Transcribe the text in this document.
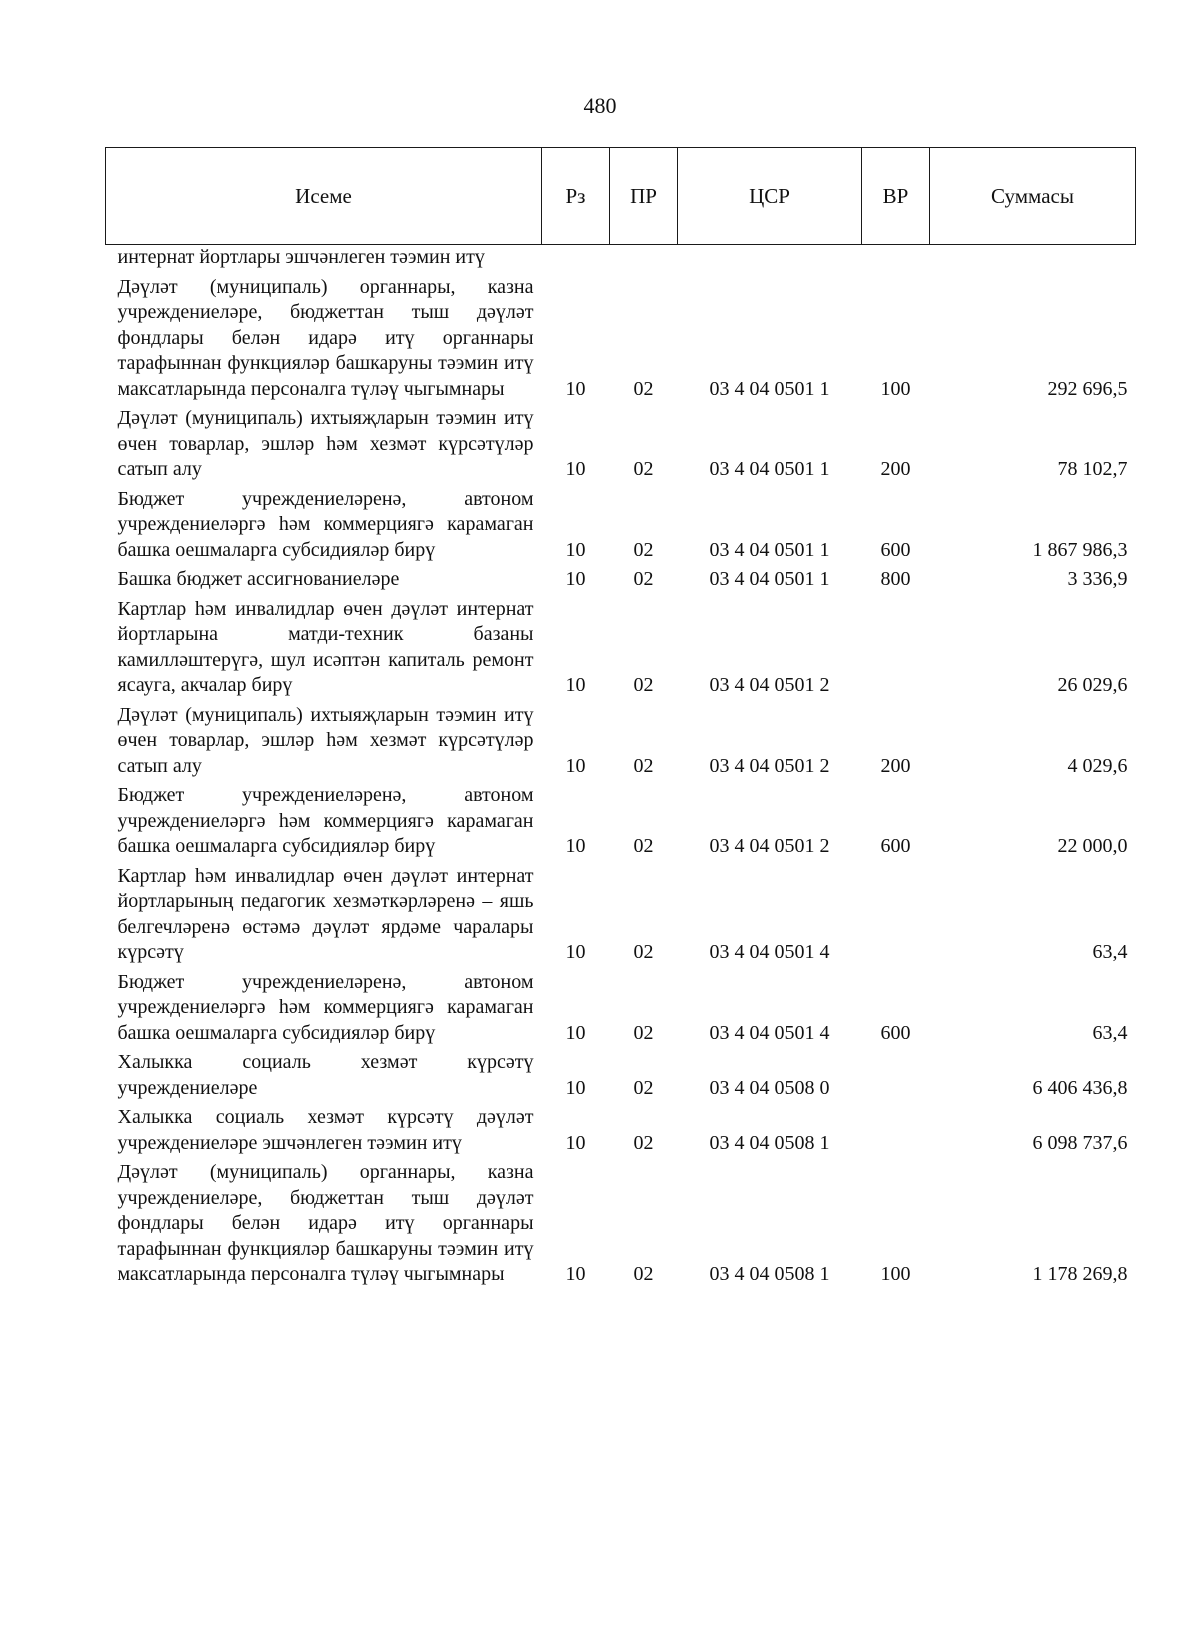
480
Исеме	Рз	ПР	ЦСР	ВР	Суммасы
интернат йортлары эшчәнлеген тәэмин итү					
Дәүләт (муниципаль) органнары, казна учреждениеләре, бюджеттан тыш дәүләт фондлары белән идарә итү органнары тарафыннан функцияләр башкаруны тәэмин итү максатларында персоналга түләү чыгымнары	10	02	03 4 04 0501 1	100	292 696,5
Дәүләт (муниципаль) ихтыяҗларын тәэмин итү өчен товарлар, эшләр һәм хезмәт күрсәтүләр сатып алу	10	02	03 4 04 0501 1	200	78 102,7
Бюджет учреждениеләренә, автоном учреждениеләргә һәм коммерциягә карамаган башка оешмаларга субсидияләр бирү	10	02	03 4 04 0501 1	600	1 867 986,3
Башка бюджет ассигнованиеләре	10	02	03 4 04 0501 1	800	3 336,9
Картлар һәм инвалидлар өчен дәүләт интернат йортларына матди-техник базаны камилләштерүгә, шул исәптән капиталь ремонт ясауга, акчалар бирү	10	02	03 4 04 0501 2		26 029,6
Дәүләт (муниципаль) ихтыяҗларын тәэмин итү өчен товарлар, эшләр һәм хезмәт күрсәтүләр сатып алу	10	02	03 4 04 0501 2	200	4 029,6
Бюджет учреждениеләренә, автоном учреждениеләргә һәм коммерциягә карамаган башка оешмаларга субсидияләр бирү	10	02	03 4 04 0501 2	600	22 000,0
Картлар һәм инвалидлар өчен дәүләт интернат йортларының педагогик хезмәткәрләренә – яшь белгечләренә өстәмә дәүләт ярдәме чаралары күрсәтү	10	02	03 4 04 0501 4		63,4
Бюджет учреждениеләренә, автоном учреждениеләргә һәм коммерциягә карамаган башка оешмаларга субсидияләр бирү	10	02	03 4 04 0501 4	600	63,4
Халыкка социаль хезмәт күрсәтү учреждениеләре	10	02	03 4 04 0508 0		6 406 436,8
Халыкка социаль хезмәт күрсәтү дәүләт учреждениеләре эшчәнлеген тәэмин итү	10	02	03 4 04 0508 1		6 098 737,6
Дәүләт (муниципаль) органнары, казна учреждениеләре, бюджеттан тыш дәүләт фондлары белән идарә итү органнары тарафыннан функцияләр башкаруны тәэмин итү максатларында персоналга түләү чыгымнары	10	02	03 4 04 0508 1	100	1 178 269,8
